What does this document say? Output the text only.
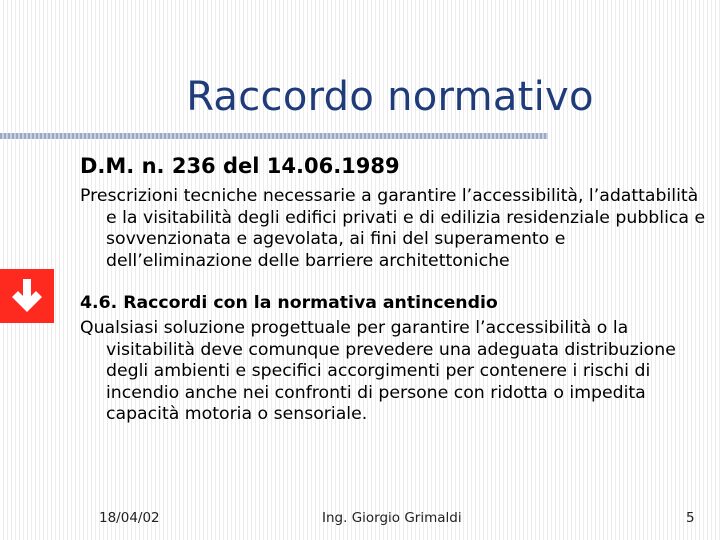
Raccordo normativo
D.M. n. 236 del 14.06.1989

Prescrizioni tecniche necessarie a garantire l’accessibilità, l’adattabilità e la visitabilità degli edifici privati e di edilizia residenziale pubblica e sovvenzionata e agevolata, ai fini del superamento e dell’eliminazione delle barriere architettoniche

4.6. Raccordi con la normativa antincendio

Qualsiasi soluzione progettuale per garantire l’accessibilità o la visitabilità deve comunque prevedere una adeguata distribuzione degli ambienti e specifici accorgimenti per contenere i rischi di incendio anche nei confronti di persone con ridotta o impedita capacità motoria o sensoriale.

18/04/02	Ing. Giorgio Grimaldi	5
